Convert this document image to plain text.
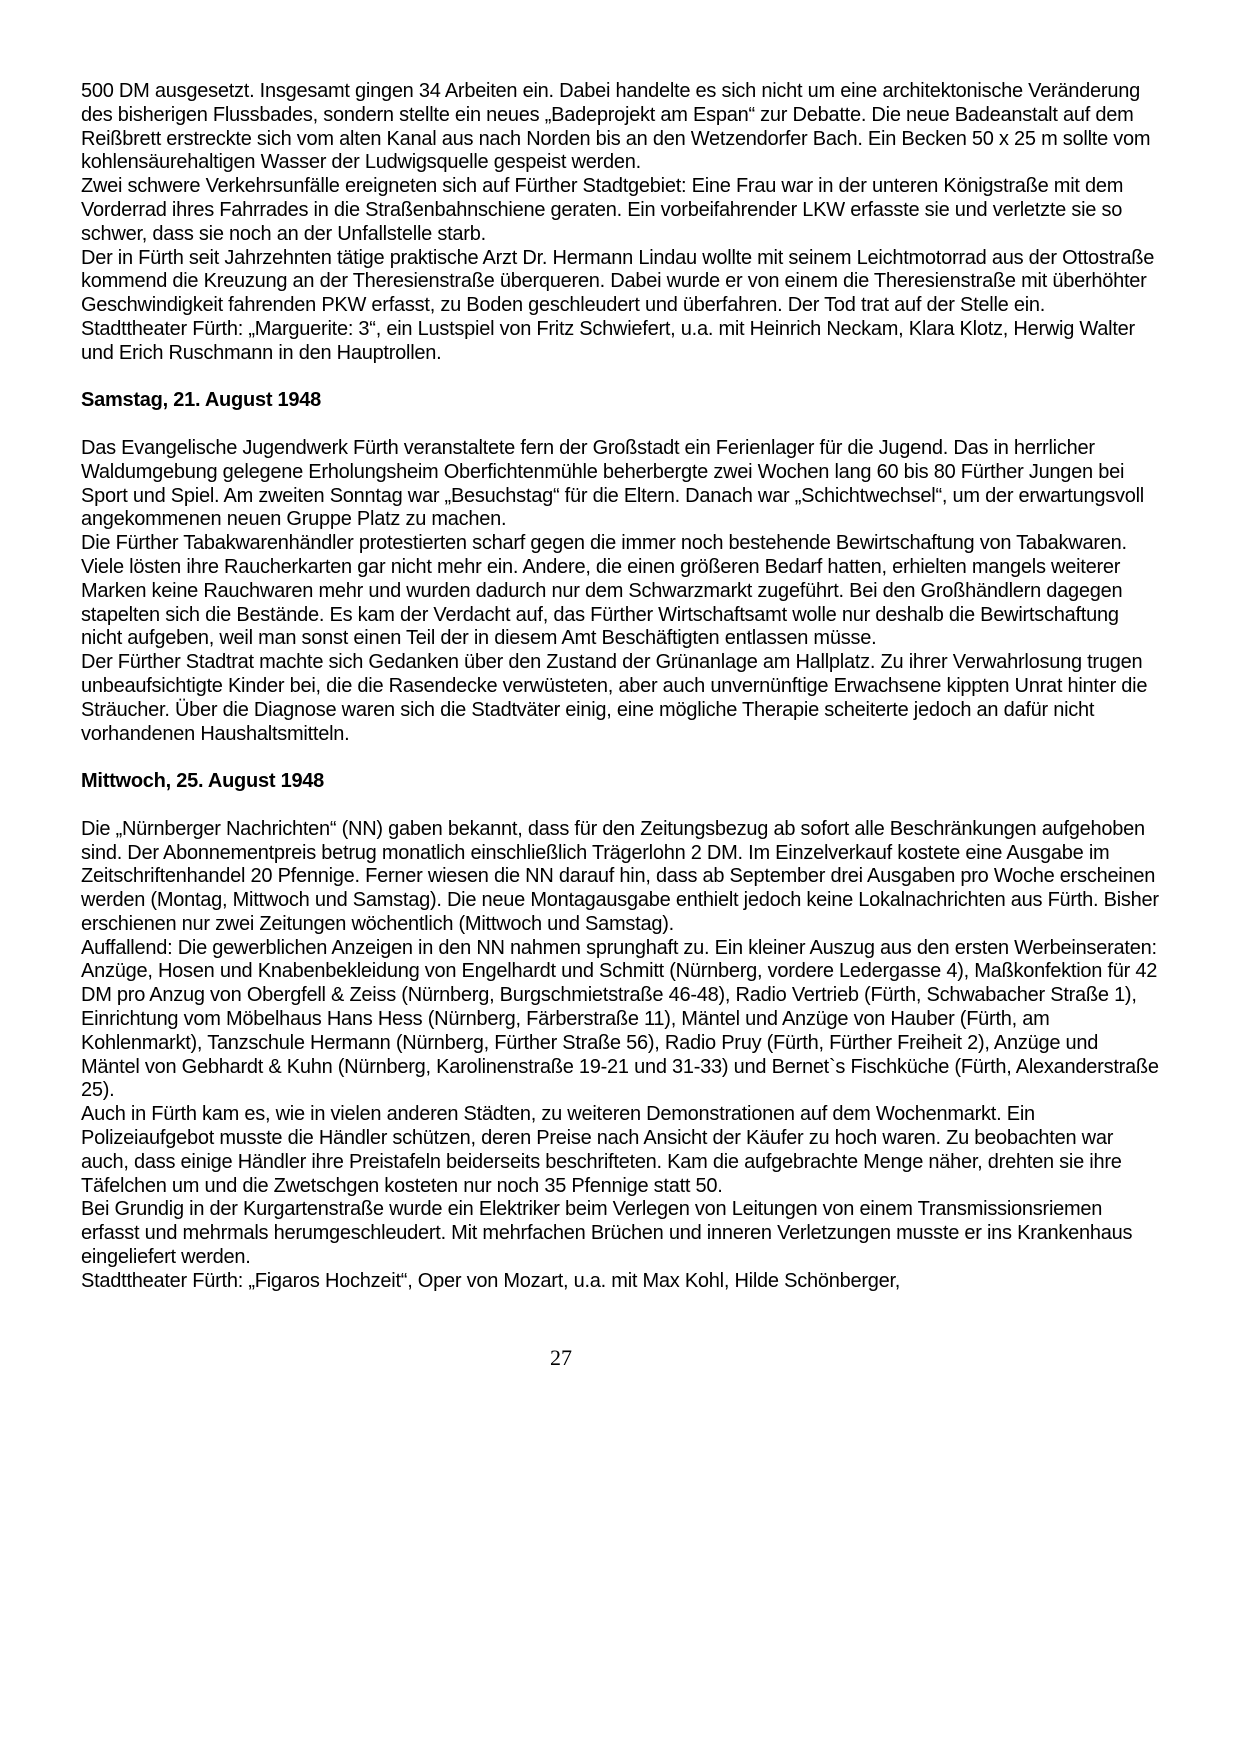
500 DM ausgesetzt. Insgesamt gingen 34 Arbeiten ein. Dabei handelte es sich nicht um eine architektonische Veränderung des bisherigen Flussbades, sondern stellte ein neues „Badeprojekt am Espan“ zur Debatte. Die neue Badeanstalt auf dem Reißbrett erstreckte sich vom alten Kanal aus nach Norden bis an den Wetzendorfer Bach. Ein Becken 50 x 25 m sollte vom kohlensäurehaltigen Wasser der Ludwigsquelle gespeist werden.

Zwei schwere Verkehrsunfälle ereigneten sich auf Fürther Stadtgebiet: Eine Frau war in der unteren Königstraße mit dem Vorderrad ihres Fahrrades in die Straßenbahnschiene geraten. Ein vorbeifahrender LKW erfasste sie und verletzte sie so schwer, dass sie noch an der Unfallstelle starb.

Der in Fürth seit Jahrzehnten tätige praktische Arzt Dr. Hermann Lindau wollte mit seinem Leichtmotorrad aus der Ottostraße kommend die Kreuzung an der Theresienstraße überqueren. Dabei wurde er von einem die Theresienstraße mit überhöhter Geschwindigkeit fahrenden PKW erfasst, zu Boden geschleudert und überfahren. Der Tod trat auf der Stelle ein.

Stadttheater Fürth: „Marguerite: 3“, ein Lustspiel von Fritz Schwiefert, u.a. mit Heinrich Neckam, Klara Klotz, Herwig Walter und Erich Ruschmann in den Hauptrollen.

Samstag, 21. August 1948

Das Evangelische Jugendwerk Fürth veranstaltete fern der Großstadt ein Ferienlager für die Jugend. Das in herrlicher Waldumgebung gelegene Erholungsheim Oberfichtenmühle beherbergte zwei Wochen lang 60 bis 80 Fürther Jungen bei Sport und Spiel. Am zweiten Sonntag war „Besuchstag“ für die Eltern. Danach war „Schichtwechsel“, um der erwartungsvoll angekommenen neuen Gruppe Platz zu machen.

Die Fürther Tabakwarenhändler protestierten scharf gegen die immer noch bestehende Bewirtschaftung von Tabakwaren. Viele lösten ihre Raucherkarten gar nicht mehr ein. Andere, die einen größeren Bedarf hatten, erhielten mangels weiterer Marken keine Rauchwaren mehr und wurden dadurch nur dem Schwarzmarkt zugeführt. Bei den Großhändlern dagegen stapelten sich die Bestände. Es kam der Verdacht auf, das Fürther Wirtschaftsamt wolle nur deshalb die Bewirtschaftung nicht aufgeben, weil man sonst einen Teil der in diesem Amt Beschäftigten entlassen müsse.

Der Fürther Stadtrat machte sich Gedanken über den Zustand der Grünanlage am Hallplatz. Zu ihrer Verwahrlosung trugen unbeaufsichtigte Kinder bei, die die Rasendecke verwüsteten, aber auch unvernünftige Erwachsene kippten Unrat hinter die Sträucher. Über die Diagnose waren sich die Stadtväter einig, eine mögliche Therapie scheiterte jedoch an dafür nicht vorhandenen Haushaltsmitteln.

Mittwoch, 25. August 1948

Die „Nürnberger Nachrichten“ (NN) gaben bekannt, dass für den Zeitungsbezug ab sofort alle Beschränkungen aufgehoben sind. Der Abonnementpreis betrug monatlich einschließlich Trägerlohn 2 DM. Im Einzelverkauf kostete eine Ausgabe im Zeitschriftenhandel 20 Pfennige. Ferner wiesen die NN darauf hin, dass ab September drei Ausgaben pro Woche erscheinen werden (Montag, Mittwoch und Samstag). Die neue Montagausgabe enthielt jedoch keine Lokalnachrichten aus Fürth. Bisher erschienen nur zwei Zeitungen wöchentlich (Mittwoch und Samstag).

Auffallend: Die gewerblichen Anzeigen in den NN nahmen sprunghaft zu. Ein kleiner Auszug aus den ersten Werbeinseraten: Anzüge, Hosen und Knabenbekleidung von Engelhardt und Schmitt (Nürnberg, vordere Ledergasse 4), Maßkonfektion für 42 DM pro Anzug von Obergfell & Zeiss (Nürnberg, Burgschmietstraße 46-48), Radio Vertrieb (Fürth, Schwabacher Straße 1), Einrichtung vom Möbelhaus Hans Hess (Nürnberg, Färberstraße 11), Mäntel und Anzüge von Hauber (Fürth, am Kohlenmarkt), Tanzschule Hermann (Nürnberg, Fürther Straße 56), Radio Pruy (Fürth, Fürther Freiheit 2), Anzüge und Mäntel von Gebhardt & Kuhn (Nürnberg, Karolinenstraße 19-21 und 31-33) und Bernet`s Fischküche (Fürth, Alexanderstraße 25).

Auch in Fürth kam es, wie in vielen anderen Städten, zu weiteren Demonstrationen auf dem Wochenmarkt. Ein Polizeiaufgebot musste die Händler schützen, deren Preise nach Ansicht der Käufer zu hoch waren. Zu beobachten war auch, dass einige Händler ihre Preistafeln beiderseits beschrifteten. Kam die aufgebrachte Menge näher, drehten sie ihre Täfelchen um und die Zwetschgen kosteten nur noch 35 Pfennige statt 50.

Bei Grundig in der Kurgartenstraße wurde ein Elektriker beim Verlegen von Leitungen von einem Transmissionsriemen erfasst und mehrmals herumgeschleudert. Mit mehrfachen Brüchen und inneren Verletzungen musste er ins Krankenhaus eingeliefert werden.

Stadttheater Fürth: „Figaros Hochzeit“, Oper von Mozart, u.a. mit Max Kohl, Hilde Schönberger,

27
